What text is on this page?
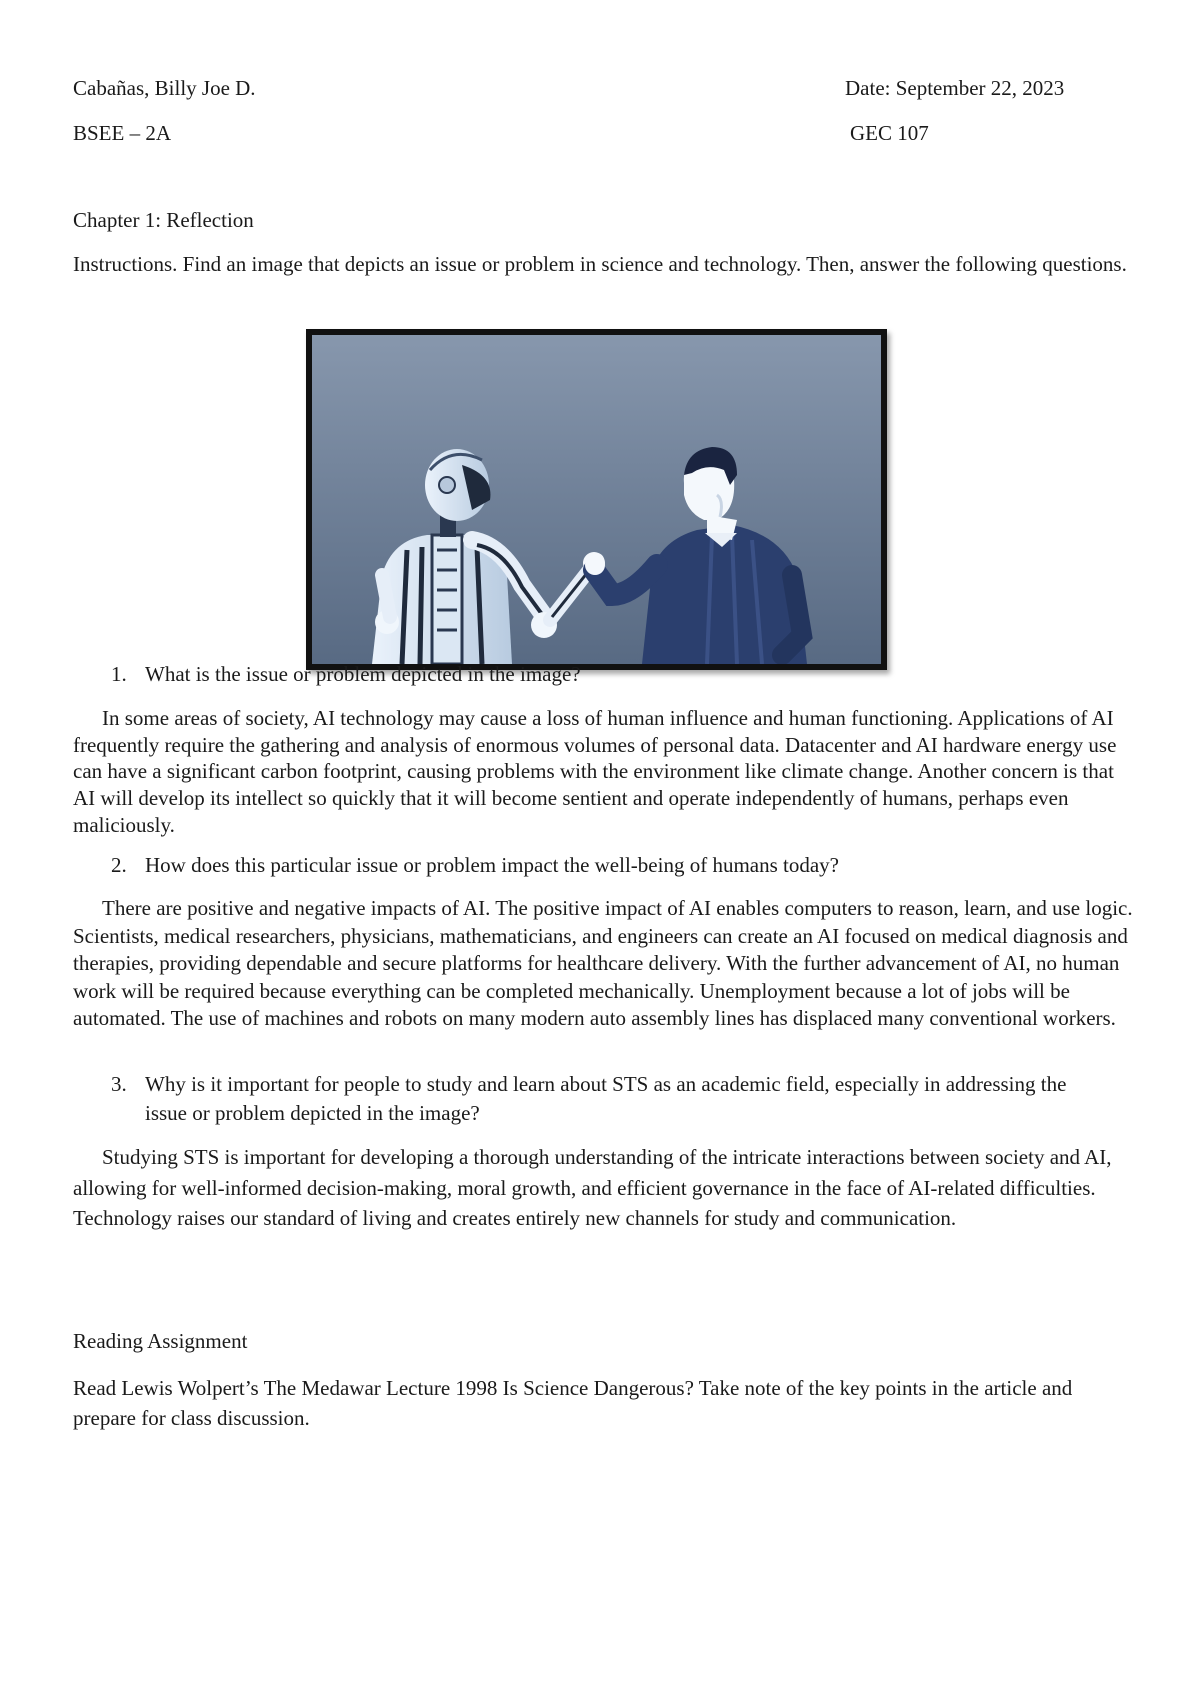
Cabañas, Billy Joe D.	Date: September 22, 2023

BSEE – 2A	GEC 107

Chapter 1: Reflection

Instructions. Find an image that depicts an issue or problem in science and technology. Then, answer the following questions.

1. What is the issue or problem depicted in the image?

In some areas of society, AI technology may cause a loss of human influence and human functioning. Applications of AI frequently require the gathering and analysis of enormous volumes of personal data. Datacenter and AI hardware energy use can have a significant carbon footprint, causing problems with the environment like climate change. Another concern is that AI will develop its intellect so quickly that it will become sentient and operate independently of humans, perhaps even maliciously.

2. How does this particular issue or problem impact the well-being of humans today?

There are positive and negative impacts of AI. The positive impact of AI enables computers to reason, learn, and use logic. Scientists, medical researchers, physicians, mathematicians, and engineers can create an AI focused on medical diagnosis and therapies, providing dependable and secure platforms for healthcare delivery. With the further advancement of AI, no human work will be required because everything can be completed mechanically. Unemployment because a lot of jobs will be automated. The use of machines and robots on many modern auto assembly lines has displaced many conventional workers.

3. Why is it important for people to study and learn about STS as an academic field, especially in addressing the issue or problem depicted in the image?

Studying STS is important for developing a thorough understanding of the intricate interactions between society and AI, allowing for well-informed decision-making, moral growth, and efficient governance in the face of AI-related difficulties. Technology raises our standard of living and creates entirely new channels for study and communication.

Reading Assignment

Read Lewis Wolpert’s The Medawar Lecture 1998 Is Science Dangerous? Take note of the key points in the article and prepare for class discussion.
